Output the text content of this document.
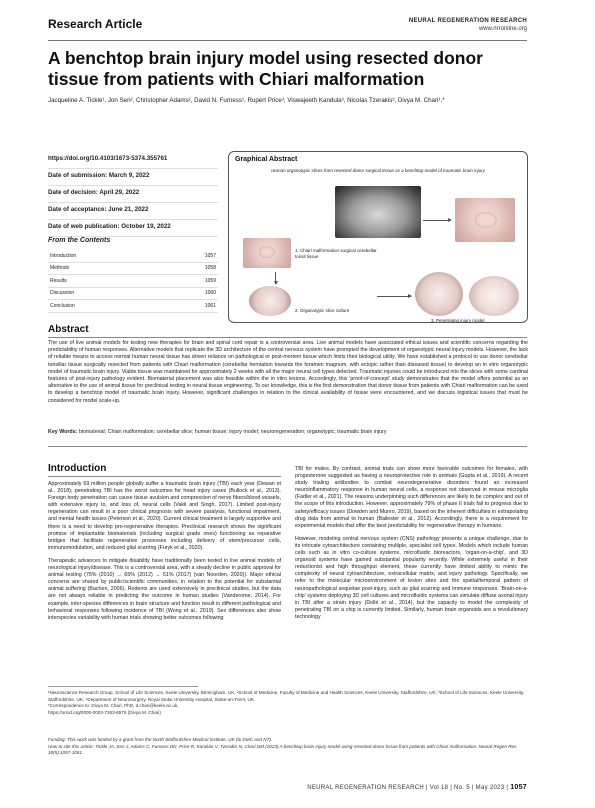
Research Article	NEURAL REGENERATION RESEARCH
www.nrronline.org
A benchtop brain injury model using resected donor tissue from patients with Chiari malformation
Jacqueline A. Tickle¹, Jon Sen², Christopher Adams², David N. Furness¹, Rupert Price³, Viswajeeth Kandula³, Nicolas Tzerakis³, Divya M. Chari¹,*
https://doi.org/10.4103/1673-5374.355761
Date of submission: March 9, 2022
Date of decision: April 29, 2022
Date of acceptance: June 21, 2022
Date of web publication: October 19, 2022
From the Contents
Introduction	1057
Methods	1058
Results	1059
Discussion	1060
Conclusion	1061
Graphical Abstract
Human organotypic slices from resected donor surgical tissue as a benchtop model of traumatic brain injury
1. Chiari malformation surgical cerebellar tonsil tissue
2. Organotypic slice culture
3. Penetrating injury model
Abstract
The use of live animal models for testing new therapies for brain and spinal cord repair is a controversial area. Live animal models have associated ethical issues and scientific concerns regarding the predictability of human responses. Alternative models that replicate the 3D architecture of the central nervous system have prompted the development of organotypic neural injury models. However, the lack of reliable means to access normal human neural tissue has driven reliance on pathological or post-mortem tissue which limits their biological utility. We have established a protocol to use donor cerebellar tonsillar tissue surgically resected from patients with Chiari malformation (cerebellar herniation towards the foramen magnum, with ectopic rather than diseased tissue) to develop an in vitro organotypic model of traumatic brain injury. Viable tissue was maintained for approximately 2 weeks with all the major neural cell types detected. Traumatic injuries could be introduced into the slices with some cardinal features of post-injury pathology evident. Biomaterial placement was also feasible within the in vitro lesions. Accordingly, this 'proof-of-concept' study demonstrates that the model offers potential as an alternative to the use of animal tissue for preclinical testing in neural tissue engineering. To our knowledge, this is the first demonstration that donor tissue from patients with Chiari malformation can be used to develop a benchtop model of traumatic brain injury. However, significant challenges in relation to the clinical availability of tissue were encountered, and we discuss logistical issues that must be considered for model scale-up.
Key Words: biomaterial; Chiari malformation; cerebellar slice; human tissue; injury model; neuroregeneration; organotypic; traumatic brain injury
Introduction

Approximately 69 million people globally suffer a traumatic brain injury (TBI) each year (Dewan et al., 2018); penetrating TBI has the worst outcomes for head injury cases (Bullock et al., 2013). Foreign body penetration can cause tissue avulsion and compression of nerve fibers/blood vessels, with extensive injury to, and loss of, neural cells (Vakil and Singh, 2017). Limited post-injury regeneration can result in a poor clinical prognosis with severe paralysis, functional impairment, and mental health issues (Peterson et al., 2020). Current clinical treatment is largely supportive and there is a need to develop pro-regenerative therapies. Preclinical research shows the significant promise of implantable biomaterials (including surgical grade ones) functioning as reparative bridges that facilitate regenerative processes including delivery of stem/precursor cells, immunomodulation, and reduced glial scarring (Furyk et al., 2020).

Therapeutic advances to mitigate disability have traditionally been tested in live animal models of neurological injury/disease. This is a controversial area, with a steady decline in public approval for animal testing (75% (2010) → 65% (2012) → 51% (2017) (van Noorden, 2020)). Major ethical concerns are shared by public/scientific communities, in relation to the potential for substantial animal suffering (Bachen, 2006). Rodents are used extensively in preclinical studies, but the data are not always reliable in predicting the outcome in human studies (Vanderome, 2014). For example, inter-species differences in brain structure and function result in different pathological and behavioral responses following incidence of TBI (Wong et al., 2019). Sex differences also show interspecies variability with human trials showing better outcomes following

TBI for males. By contrast, animal trials can show more favorable outcomes for females, with progesterone suggested as having a neuroprotective role in animals (Gupta et al., 2019). A recent study trialing antibodies to combat neurodegenerative disorders found an increased neuroinflammatory response in human neural cells, a response not observed in mouse microglia (Fadler et al., 2021). The reasons underpinning such differences are likely to be complex and out of the scope of this introduction. However, approximately 79% of phase II trials fail to progress due to safety/efficacy issues (Dowden and Munro, 2019), based on the inherent difficulties in extrapolating drug data from animal to human (Bailester et al., 2012). Accordingly, there is a requirement for experimental models that offer the best predictability for regenerative therapy in humans.

However, modeling central nervous system (CNS) pathology presents a unique challenge, due to its intricate cytoarchitecture containing multiple, specialist cell types. Models which include human cells such as in vitro co-culture systems, microfluidic bioreactors, 'organ-on-a-chip', and 3D organoid systems have gained substantial popularity recently. While extremely useful in their reductionist and high throughput element, these currently have limited ability to mimic the complexity of neural cytoarchitecture, extracellular matrix, and injury pathology. Specifically, we refer to the molecular microenvironment of lesion sites and the spatial/temporal pattern of neuropathological sequelae post-injury, such as glial scarring and immune responses. 'Brain-on-a-chip' systems deploying 3D cell cultures and microfluidic systems can simulate diffuse axonal injury in TBI after a strain injury (Dollé et al., 2014), but the capacity to model the complexity of penetrating TBI on a chip is currently limited. Similarly, human brain organoids are a revolutionary technology

¹Neuroscience Research Group, School of Life Sciences, Keele University, Birmingham, UK; ²School of Medicine, Faculty of Medicine and Health Sciences, Keele University, Staffordshire, UK; ³School of Life Sciences, Keele University, Staffordshire, UK; ⁴Department of Neurosurgery, Royal Stoke University Hospital, Stoke-on-Trent, UK
*Correspondence to: Divya M. Chari, PhD, d.chari@keele.ac.uk.
https://orcid.org/0000-0002-7263-6576 (Divya M. Chari)
Funding: This work was funded by a grant from the North Staffordshire Medical Institute, UK (to DMC and NT).
How to cite this article: Tickle JA, Sen J, Adams C, Furness DN, Price R, Kandula V, Tzerakis N, Chari DM (2023) A benchtop brain injury model using resected donor tissue from patients with Chiari malformation. Neural Regen Res 18(5):1057-1061.
NEURAL REGENERATION RESEARCH | Vol 18 | No. 5 | May 2023 | 1057
